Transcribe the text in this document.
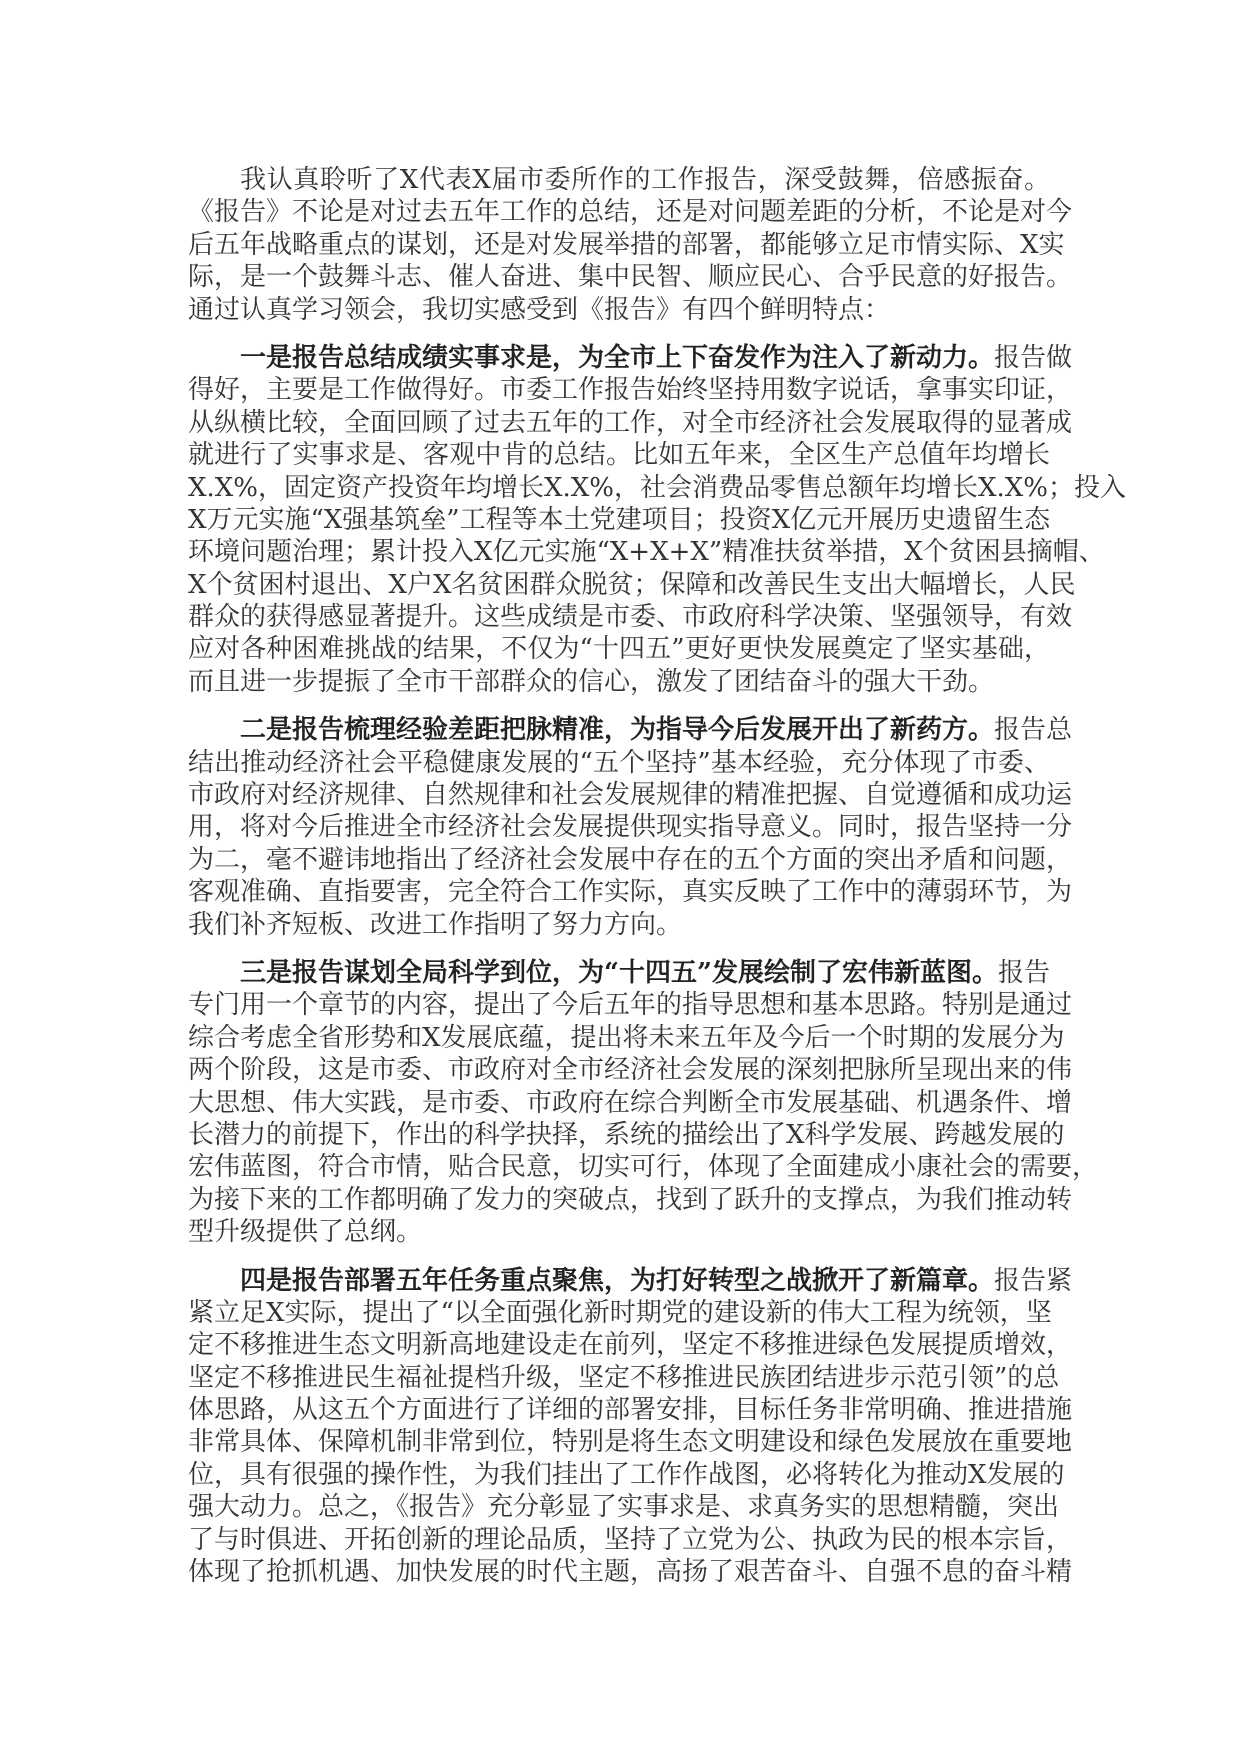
我认真聆听了X代表X届市委所作的工作报告，深受鼓舞，倍感振奋。
《报告》不论是对过去五年工作的总结，还是对问题差距的分析，不论是对今
后五年战略重点的谋划，还是对发展举措的部署，都能够立足市情实际、X实
际，是一个鼓舞斗志、催人奋进、集中民智、顺应民心、合乎民意的好报告。
通过认真学习领会，我切实感受到《报告》有四个鲜明特点：
一是报告总结成绩实事求是，为全市上下奋发作为注入了新动力。报告做
得好，主要是工作做得好。市委工作报告始终坚持用数字说话，拿事实印证，
从纵横比较，全面回顾了过去五年的工作，对全市经济社会发展取得的显著成
就进行了实事求是、客观中肯的总结。比如五年来，全区生产总值年均增长
X.X%，固定资产投资年均增长X.X%，社会消费品零售总额年均增长X.X%；投入
X万元实施“X强基筑垒”工程等本土党建项目；投资X亿元开展历史遗留生态
环境问题治理；累计投入X亿元实施“X+X+X”精准扶贫举措，X个贫困县摘帽、
X个贫困村退出、X户X名贫困群众脱贫；保障和改善民生支出大幅增长，人民
群众的获得感显著提升。这些成绩是市委、市政府科学决策、坚强领导，有效
应对各种困难挑战的结果，不仅为“十四五”更好更快发展奠定了坚实基础，
而且进一步提振了全市干部群众的信心，激发了团结奋斗的强大干劲。
二是报告梳理经验差距把脉精准，为指导今后发展开出了新药方。报告总
结出推动经济社会平稳健康发展的“五个坚持”基本经验，充分体现了市委、
市政府对经济规律、自然规律和社会发展规律的精准把握、自觉遵循和成功运
用，将对今后推进全市经济社会发展提供现实指导意义。同时，报告坚持一分
为二，毫不避讳地指出了经济社会发展中存在的五个方面的突出矛盾和问题，
客观准确、直指要害，完全符合工作实际，真实反映了工作中的薄弱环节，为
我们补齐短板、改进工作指明了努力方向。
三是报告谋划全局科学到位，为“十四五”发展绘制了宏伟新蓝图。报告
专门用一个章节的内容，提出了今后五年的指导思想和基本思路。特别是通过
综合考虑全省形势和X发展底蕴，提出将未来五年及今后一个时期的发展分为
两个阶段，这是市委、市政府对全市经济社会发展的深刻把脉所呈现出来的伟
大思想、伟大实践，是市委、市政府在综合判断全市发展基础、机遇条件、增
长潜力的前提下，作出的科学抉择，系统的描绘出了X科学发展、跨越发展的
宏伟蓝图，符合市情，贴合民意，切实可行，体现了全面建成小康社会的需要，
为接下来的工作都明确了发力的突破点，找到了跃升的支撑点，为我们推动转
型升级提供了总纲。
四是报告部署五年任务重点聚焦，为打好转型之战掀开了新篇章。报告紧
紧立足X实际，提出了“以全面强化新时期党的建设新的伟大工程为统领，坚
定不移推进生态文明新高地建设走在前列，坚定不移推进绿色发展提质增效，
坚定不移推进民生福祉提档升级，坚定不移推进民族团结进步示范引领”的总
体思路，从这五个方面进行了详细的部署安排，目标任务非常明确、推进措施
非常具体、保障机制非常到位，特别是将生态文明建设和绿色发展放在重要地
位，具有很强的操作性，为我们挂出了工作作战图，必将转化为推动X发展的
强大动力。总之，《报告》充分彰显了实事求是、求真务实的思想精髓，突出
了与时俱进、开拓创新的理论品质，坚持了立党为公、执政为民的根本宗旨，
体现了抢抓机遇、加快发展的时代主题，高扬了艰苦奋斗、自强不息的奋斗精
